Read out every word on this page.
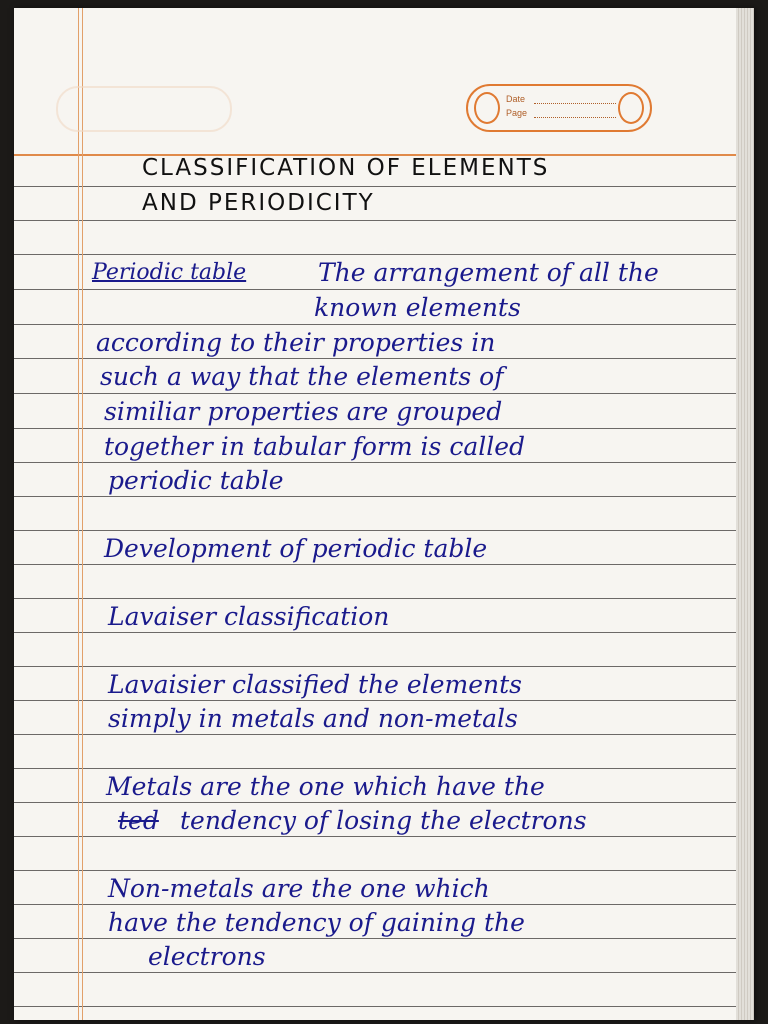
Date
Page
CLASSIFICATION OF ELEMENTS
AND PERIODICITY
Periodic table	The arrangement of all the
known elements
according to their properties in
such a way that the elements of
similiar properties are grouped
together in tabular form is called
periodic table
Development of periodic table
Lavaiser classification
Lavaisier classified the elements
simply in metals and non-metals
Metals are the one which have the
ted tendency of losing the electrons
Non-metals are the one which
have the tendency of gaining the
electrons
